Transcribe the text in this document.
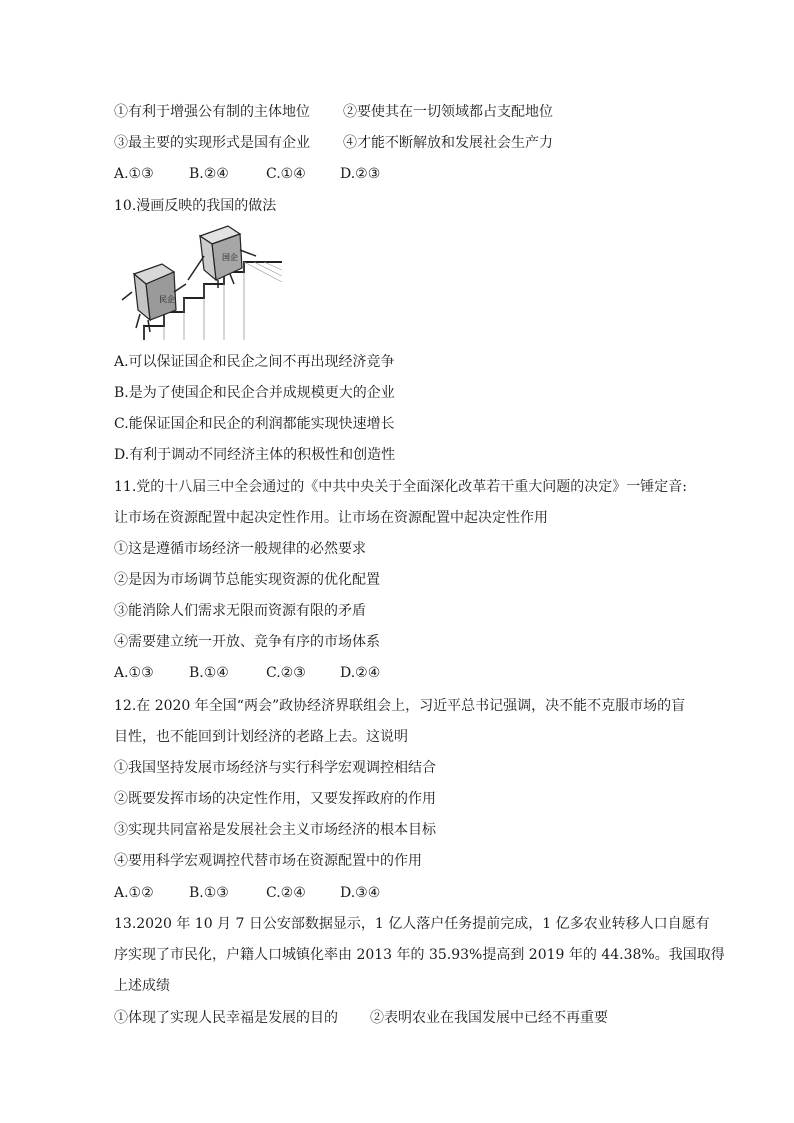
①有利于增强公有制的主体地位 ②要使其在一切领域都占支配地位
③最主要的实现形式是国有企业 ④才能不断解放和发展社会生产力
A.①③	B.②④	C.①④ D.②③
10.漫画反映的我国的做法
民企
国企
A.可以保证国企和民企之间不再出现经济竞争
B.是为了使国企和民企合并成规模更大的企业
C.能保证国企和民企的利润都能实现快速增长
D.有利于调动不同经济主体的积极性和创造性
11.党的十八届三中全会通过的《中共中央关于全面深化改革若干重大问题的决定》一锤定音:
让市场在资源配置中起决定性作用。让市场在资源配置中起决定性作用
①这是遵循市场经济一般规律的必然要求
②是因为市场调节总能实现资源的优化配置
③能消除人们需求无限而资源有限的矛盾
④需要建立统一开放、竞争有序的市场体系
A.①③	B.①④	C.②③ D.②④
12.在 2020 年全国“两会”政协经济界联组会上，习近平总书记强调，决不能不克服市场的盲
目性，也不能回到计划经济的老路上去。这说明
①我国坚持发展市场经济与实行科学宏观调控相结合
②既要发挥市场的决定性作用，又要发挥政府的作用
③实现共同富裕是发展社会主义市场经济的根本目标
④要用科学宏观调控代替市场在资源配置中的作用
A.①②	B.①③	C.②④ D.③④
13.2020 年 10 月 7 日公安部数据显示，1 亿人落户任务提前完成，1 亿多农业转移人口自愿有
序实现了市民化，户籍人口城镇化率由 2013 年的 35.93%提高到 2019 年的 44.38%。我国取得
上述成绩
①体现了实现人民幸福是发展的目的 ②表明农业在我国发展中已经不再重要
